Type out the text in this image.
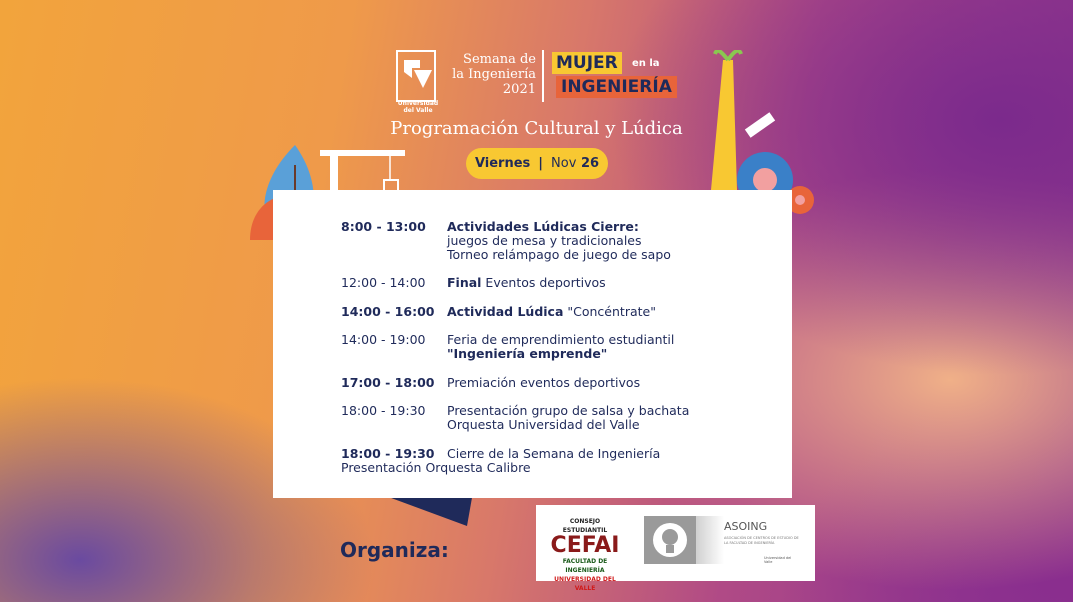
Universidad del Valle
Semana de
la Ingeniería
2021
MUJER	en la
INGENIERÍA
Programación Cultural y Lúdica
Viernes | Nov 26
8:00 - 13:00	Actividades Lúdicas Cierre:
juegos de mesa y tradicionales
Torneo relámpago de juego de sapo
12:00 - 14:00	Final Eventos deportivos
14:00 - 16:00	Actividad Lúdica "Concéntrate"
14:00 - 19:00	Feria de emprendimiento estudiantil
"Ingeniería emprende"
17:00 - 18:00	Premiación eventos deportivos
18:00 - 19:30	Presentación grupo de salsa y bachata
Orquesta Universidad del Valle
18:00 - 19:30	Cierre de la Semana de Ingeniería
Presentación Orquesta Calibre
Organiza:
CONSEJO ESTUDIANTIL
CEFAI
FACULTAD DE INGENIERÍA
UNIVERSIDAD DEL VALLE
ASOING
ASOCIACIÓN DE CENTROS DE ESTUDIO DE LA FACULTAD DE INGENIERÍA
Universidad del Valle
